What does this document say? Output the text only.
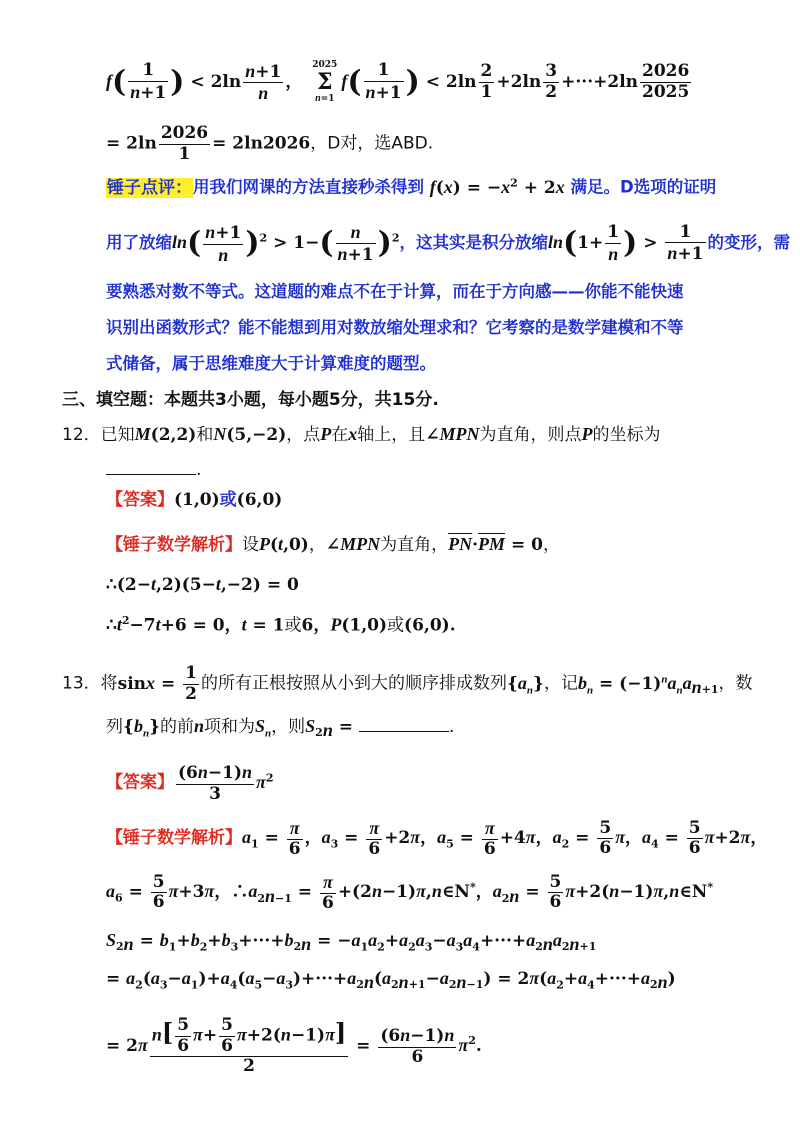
$f( \frac{1}{n+1}$ ) < $2\ln \frac{n+1}{n}$ ，
2025
Σ
n=1
$f( \frac{1}{n+1}$ ) < $2\ln \frac{2}{1} +2\ln \frac{3}{2} +\cdot\cdot\cdot+2\ln \frac{2026}{2025}$
= $2\ln \frac{2026}{1} = 2\ln 2026$，D对，选ABD.
锤子点评：用我们网课的方法直接秒杀得到 $f(x) = -x^2 + 2x$ 满足。D选项的证明
用了放缩$\ln( \frac{n+1}{n} )^2 > 1-( \frac{n}{n+1} )^2$，这其实是积分放缩$\ln(1+ \frac{1}{n}$ ) > $\frac{1}{n+1}$ 的变形，需
要熟悉对数不等式。这道题的难点不在于计算，而在于方向感——你能不能快速
识别出函数形式？能不能想到用对数放缩处理求和？它考察的是数学建模和不等
式储备，属于思维难度大于计算难度的题型。
三、填空题：本题共3小题，每小题5分，共15分.
12．已知M(2,2)和N(5,−2)，点P在x轴上，且∠MPN为直角，则点P的坐标为
.
【答案】(1,0)或(6,0)
【锤子数学解析】设P(t,0)，∠MPN为直角，$\overline{PN}\cdot\overline{PM} = 0$，
∴(2−t,2)(5−t,−2) = 0
$\therefore t^2-7t+6 = 0$，t = 1或6，P(1,0)或(6,0).
13．将$\sin x = \frac{1}{2}$ 的所有正根按照从小到大的顺序排成数列$\{a_n\}$，记$b_n = (-1)^na_na_{n+1}$，数
列$\{b_n\}$的前n项和为$S_n$，则$S_{2n}$ =	.
【答案】 $\frac{(6n-1)n}{3} \pi^2$
【锤子数学解析】$a_1 = \frac{\pi}{6}$ ，$a_3 = \frac{\pi}{6} +2\pi$，$a_5 = \frac{\pi}{6} +4\pi$，$a_2 = \frac{5}{6}$ π，$a_4 = \frac{5}{6} \pi+2\pi$，
$a_6 = \frac{5}{6} \pi+3\pi$，$\therefore a_{2n-1} = \frac{\pi}{6}$ +(2n−1)π,n∈N*，$a_{2n} = \frac{5}{6}$ π+2(n−1)π,n∈N*
$S_{2n} = b_1+b_2+b_3+\cdot\cdot\cdot+b_{2n} = -a_1a_2+a_2a_3-a_3a_4+\cdot\cdot\cdot+a_{2n}a_{2n+1}$
= $a_2(a_3-a_1)+a_4(a_5-a_3)+\cdot\cdot\cdot+a_{2n}(a_{2n+1}-a_{2n-1}) = 2\pi(a_2+a_4+\cdot\cdot\cdot+a_{2n})$
= $2\pi \frac{n[ \frac{5}{6} \pi+ \frac{5}{6} \pi+2(n-1)\pi]}{2} = \frac{(6n-1)n}{6} \pi^2$.
